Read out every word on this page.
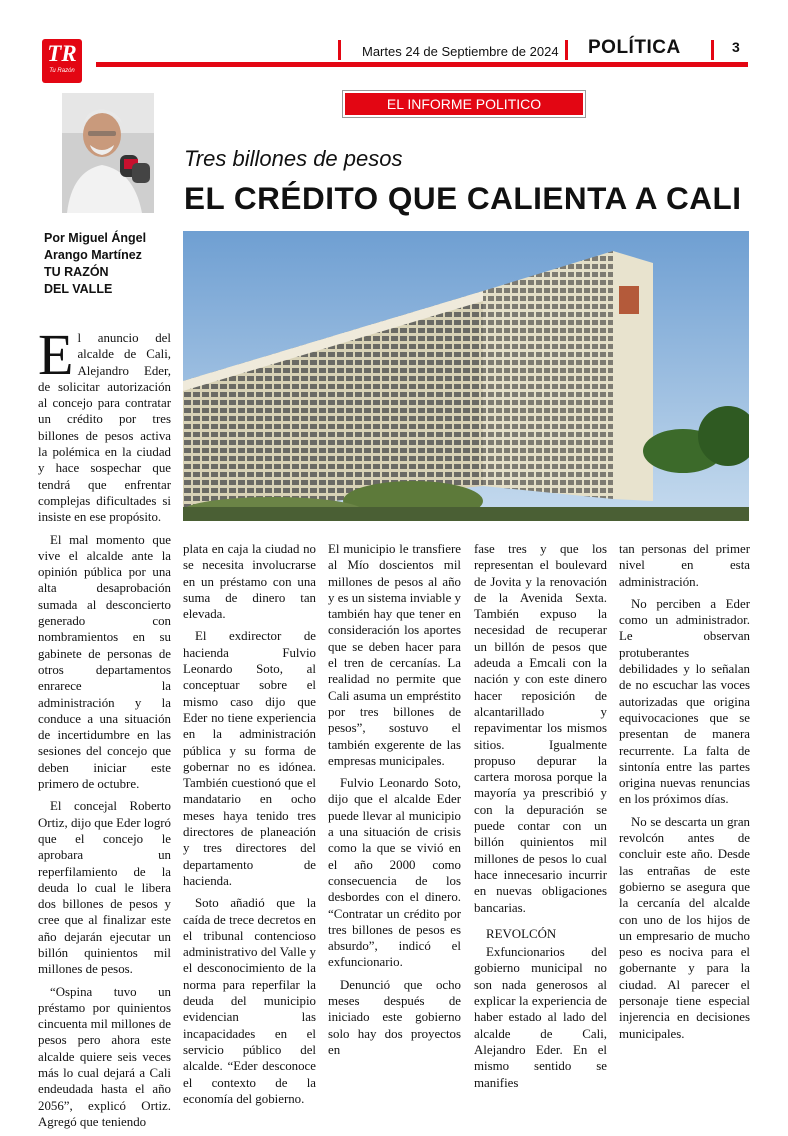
TR
Tu Razón
Martes 24 de Septiembre de 2024 POLÍTICA	3
Por Miguel Ángel
Arango Martínez
TU RAZÓN
DEL VALLE
EL INFORME POLITICO
Tres billones de pesos
EL CRÉDITO QUE CALIENTA A CALI

El anuncio del alcalde de Cali, Alejandro Eder, de solicitar autorización al concejo para contratar un crédito por tres billones de pesos activa la polémica en la ciudad y hace sospechar que tendrá que enfrentar complejas dificultades si insiste en ese propósito.

El mal momento que vive el alcalde ante la opinión pública por una alta desaprobación sumada al desconcierto generado con nombramientos en su gabinete de personas de otros departamentos enrarece la administración y la conduce a una situación de incertidumbre en las sesiones del concejo que deben iniciar este primero de octubre.

El concejal Roberto Ortiz, dijo que Eder logró que el concejo le aprobara un reperfilamiento de la deuda lo cual le libera dos billones de pesos y cree que al finalizar este año dejarán ejecutar un billón quinientos mil millones de pesos.

“Ospina tuvo un préstamo por quinientos cincuenta mil millones de pesos pero ahora este alcalde quiere seis veces más lo cual dejará a Cali endeudada hasta el año 2056”, explicó Ortiz. Agregó que teniendo

plata en caja la ciudad no se necesita involucrarse en un préstamo con una suma de dinero tan elevada.

El exdirector de hacienda Fulvio Leonardo Soto, al conceptuar sobre el mismo caso dijo que Eder no tiene experiencia en la administración pública y su forma de gobernar no es idónea. También cuestionó que el mandatario en ocho meses haya tenido tres directores de planeación y tres directores del departamento de hacienda.

Soto añadió que la caída de trece decretos en el tribunal contencioso administrativo del Valle y el desconocimiento de la norma para reperfilar la deuda del municipio evidencian las incapacidades en el servicio público del alcalde. “Eder desconoce el contexto de la economía del gobierno.

El municipio le transfiere al Mío doscientos mil millones de pesos al año y es un sistema inviable y también hay que tener en consideración los aportes que se deben hacer para el tren de cercanías. La realidad no permite que Cali asuma un empréstito por tres billones de pesos”, sostuvo el también exgerente de las empresas municipales.

Fulvio Leonardo Soto, dijo que el alcalde Eder puede llevar al municipio a una situación de crisis como la que se vivió en el año 2000 como consecuencia de los desbordes con el dinero. “Contratar un crédito por tres billones de pesos es absurdo”, indicó el exfuncionario.

Denunció que ocho meses después de iniciado este gobierno solo hay dos proyectos en

fase tres y que los representan el boulevard de Jovita y la renovación de la Avenida Sexta. También expuso la necesidad de recuperar un billón de pesos que adeuda a Emcali con la nación y con este dinero hacer reposición de alcantarillado y repavimentar los mismos sitios. Igualmente propuso depurar la cartera morosa porque la mayoría ya prescribió y con la depuración se puede contar con un billón quinientos mil millones de pesos lo cual hace innecesario incurrir en nuevas obligaciones bancarias.

REVOLCÓN

Exfuncionarios del gobierno municipal no son nada generosos al explicar la experiencia de haber estado al lado del alcalde de Cali, Alejandro Eder. En el mismo sentido se manifies

tan personas del primer nivel en esta administración.

No perciben a Eder como un administrador. Le observan protuberantes debilidades y lo señalan de no escuchar las voces autorizadas que origina equivocaciones que se presentan de manera recurrente. La falta de sintonía entre las partes origina nuevas renuncias en los próximos días.

No se descarta un gran revolcón antes de concluir este año. Desde las entrañas de este gobierno se asegura que la cercanía del alcalde con uno de los hijos de un empresario de mucho peso es nociva para el gobernante y para la ciudad. Al parecer el personaje tiene especial injerencia en decisiones municipales.
